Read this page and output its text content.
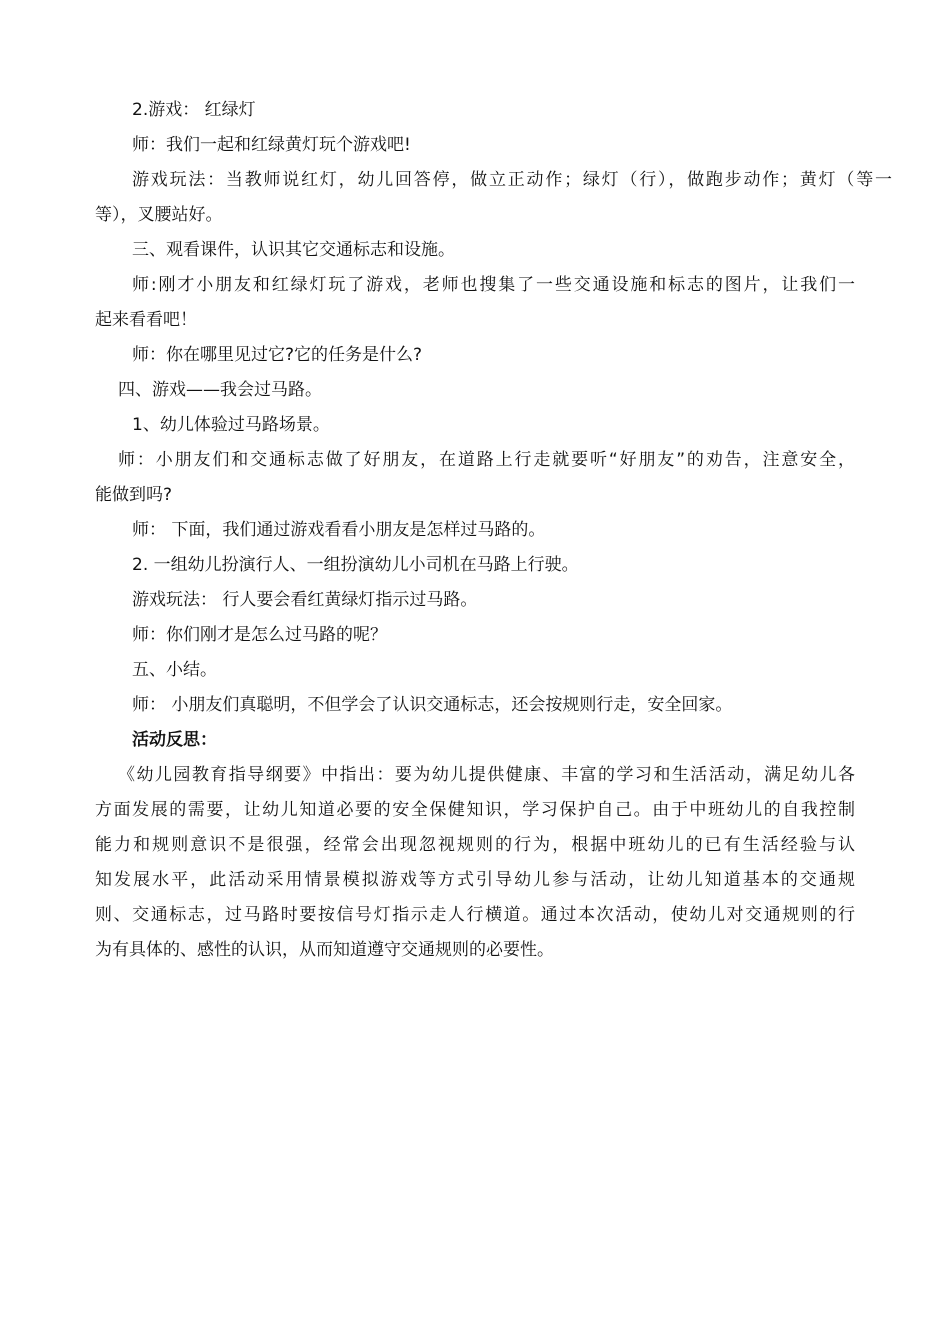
2.游戏： 红绿灯
师：我们一起和红绿黄灯玩个游戏吧!
游戏玩法：当教师说红灯，幼儿回答停，做立正动作；绿灯（行），做跑步动作；黄灯（等一
等），叉腰站好。
三、观看课件，认识其它交通标志和设施。
师:刚才小朋友和红绿灯玩了游戏，老师也搜集了一些交通设施和标志的图片，让我们一
起来看看吧！
师：你在哪里见过它?它的任务是什么?
四、游戏——我会过马路。
1、幼儿体验过马路场景。
师：小朋友们和交通标志做了好朋友，在道路上行走就要听“好朋友”的劝告，注意安全，
能做到吗?
师： 下面，我们通过游戏看看小朋友是怎样过马路的。
2. 一组幼儿扮演行人、一组扮演幼儿小司机在马路上行驶。
游戏玩法： 行人要会看红黄绿灯指示过马路。
师：你们刚才是怎么过马路的呢？
五、小结。
师： 小朋友们真聪明，不但学会了认识交通标志，还会按规则行走，安全回家。
活动反思：
《幼儿园教育指导纲要》中指出：要为幼儿提供健康、丰富的学习和生活活动，满足幼儿各
方面发展的需要，让幼儿知道必要的安全保健知识，学习保护自己。由于中班幼儿的自我控制
能力和规则意识不是很强，经常会出现忽视规则的行为，根据中班幼儿的已有生活经验与认
知发展水平，此活动采用情景模拟游戏等方式引导幼儿参与活动，让幼儿知道基本的交通规
则、交通标志，过马路时要按信号灯指示走人行横道。通过本次活动，使幼儿对交通规则的行
为有具体的、感性的认识，从而知道遵守交通规则的必要性。
